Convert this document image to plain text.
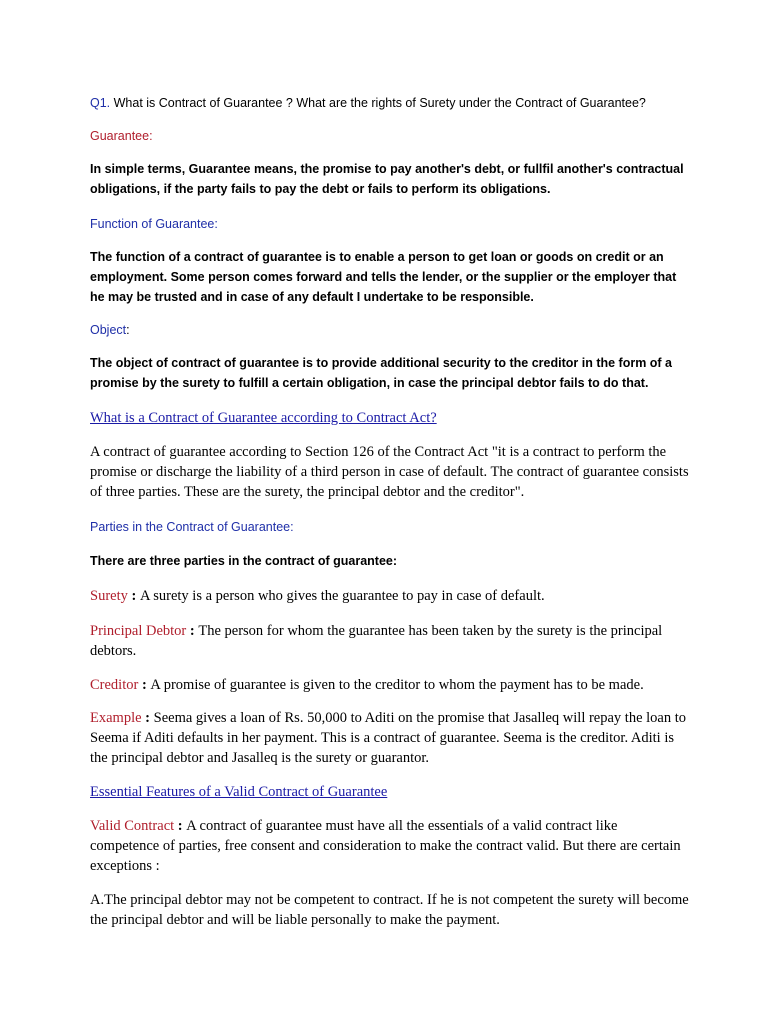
Q1. What is Contract of Guarantee ? What are the rights of Surety under the Contract of Guarantee?

Guarantee:

In simple terms, Guarantee means, the promise to pay another's debt, or fullfil another's contractual obligations, if the party fails to pay the debt or fails to perform its obligations.

Function of Guarantee:

The function of a contract of guarantee is to enable a person to get loan or goods on credit or an employment. Some person comes forward and tells the lender, or the supplier or the employer that he may be trusted and in case of any default I undertake to be responsible.

Object:

The object of contract of guarantee is to provide additional security to the creditor in the form of a promise by the surety to fulfill a certain obligation, in case the principal debtor fails to do that.

What is a Contract of Guarantee according to Contract Act?

A contract of guarantee according to Section 126 of the Contract Act "it is a contract to perform the promise or discharge the liability of a third person in case of default. The contract of guarantee consists of three parties. These are the surety, the principal debtor and the creditor".

Parties in the Contract of Guarantee:

There are three parties in the contract of guarantee:

Surety : A surety is a person who gives the guarantee to pay in case of default.

Principal Debtor : The person for whom the guarantee has been taken by the surety is the principal debtors.

Creditor : A promise of guarantee is given to the creditor to whom the payment has to be made.

Example : Seema gives a loan of Rs. 50,000 to Aditi on the promise that Jasalleq will repay the loan to Seema if Aditi defaults in her payment. This is a contract of guarantee. Seema is the creditor. Aditi is the principal debtor and Jasalleq is the surety or guarantor.

Essential Features of a Valid Contract of Guarantee

Valid Contract : A contract of guarantee must have all the essentials of a valid contract like competence of parties, free consent and consideration to make the contract valid. But there are certain exceptions :

A.The principal debtor may not be competent to contract. If he is not competent the surety will become the principal debtor and will be liable personally to make the payment.
